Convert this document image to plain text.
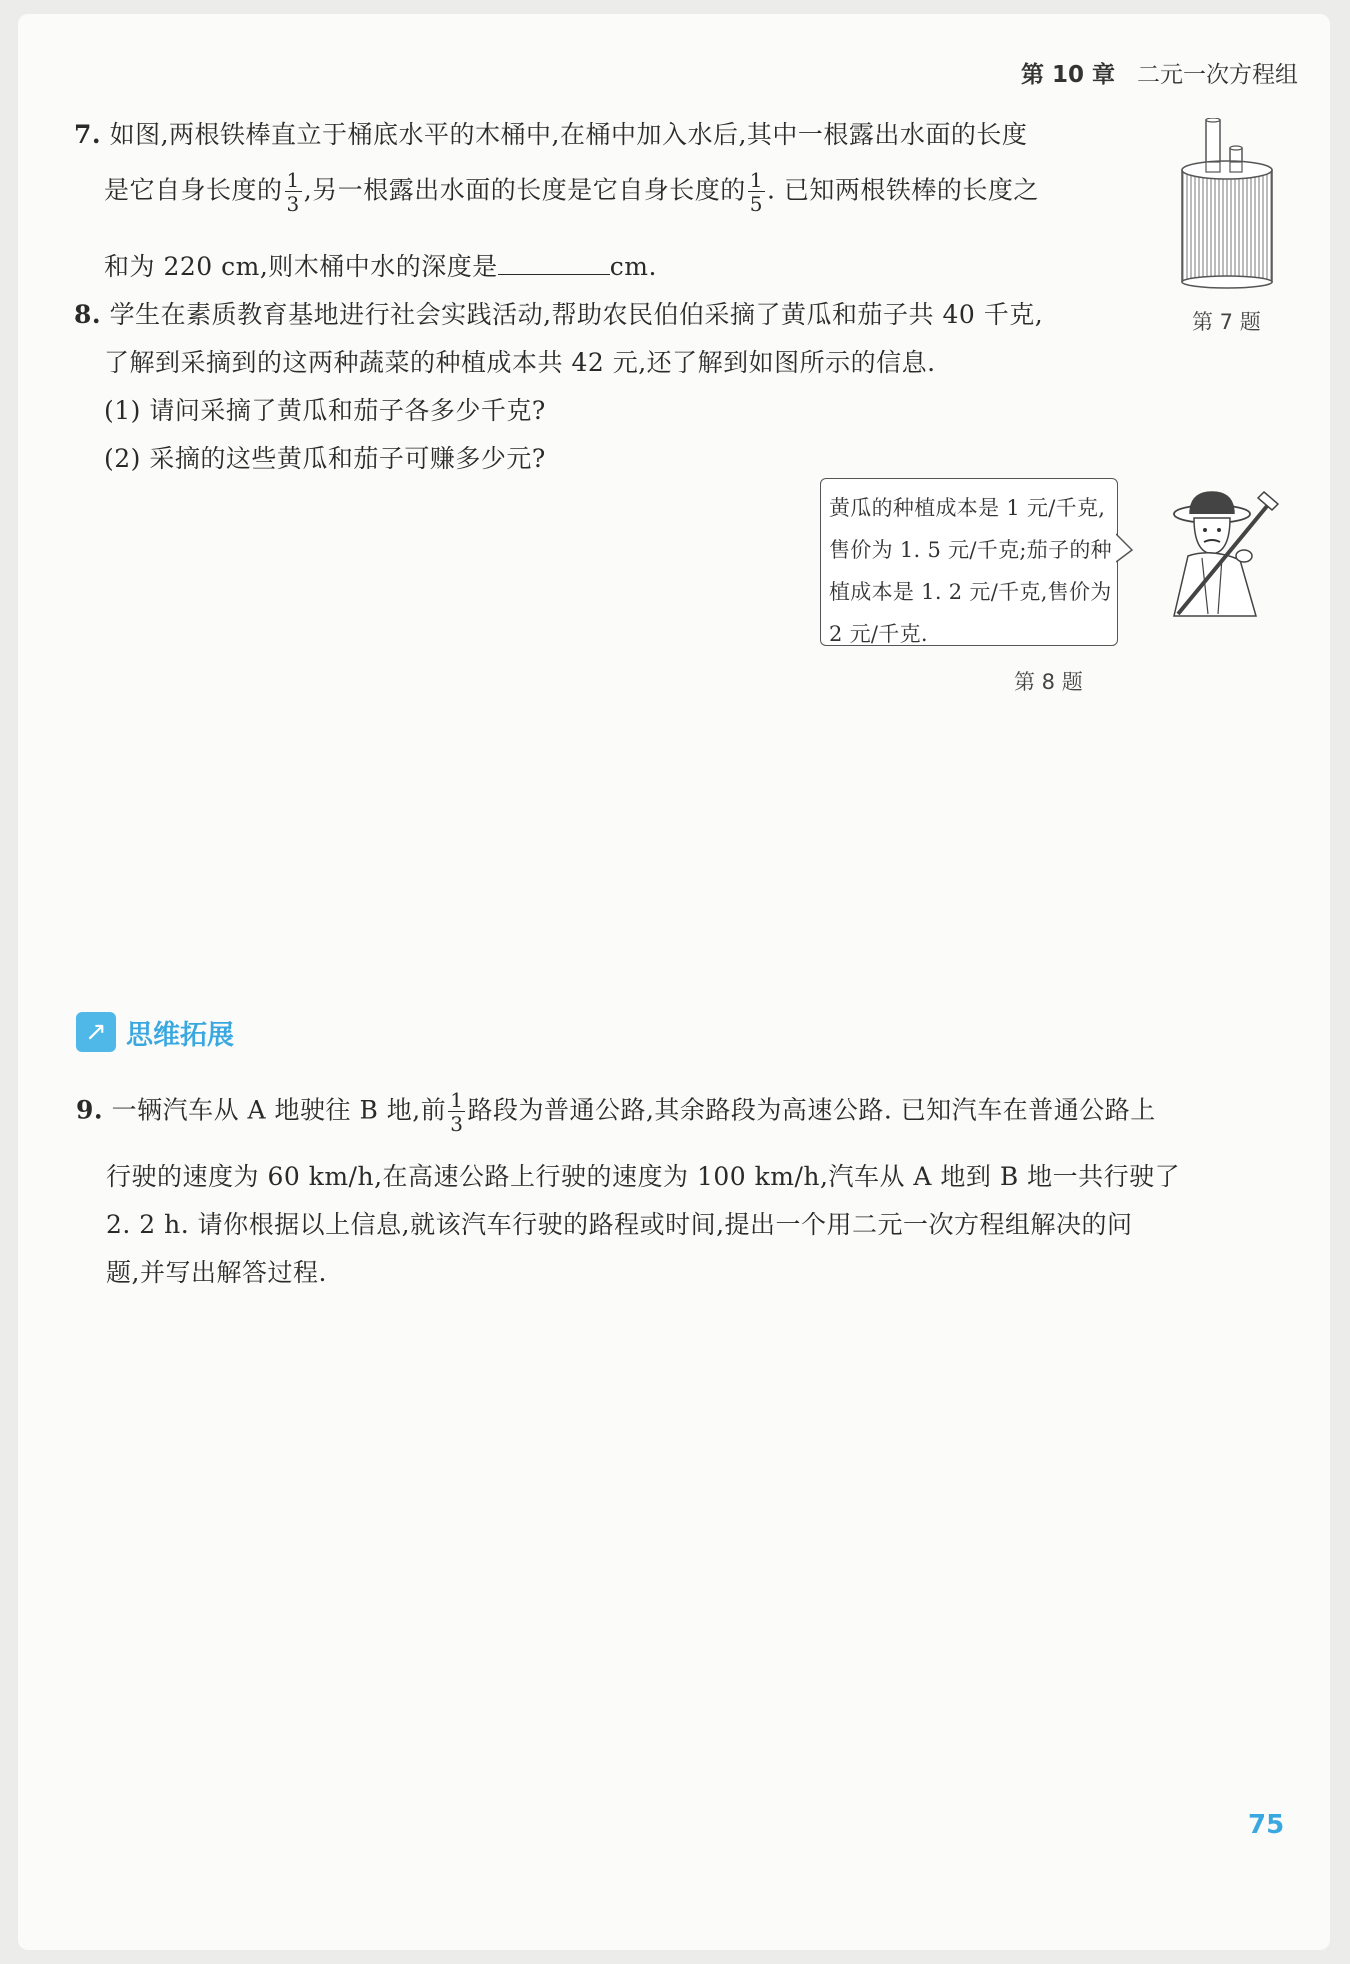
第 10 章 二元一次方程组
7. 如图,两根铁棒直立于桶底水平的木桶中,在桶中加入水后,其中一根露出水面的长度
是它自身长度的 $\frac{1}{3}$ ,另一根露出水面的长度是它自身长度的 $\frac{1}{5}$ . 已知两根铁棒的长度之
和为 220 cm,则木桶中水的深度是	cm.
第 7 题
8. 学生在素质教育基地进行社会实践活动,帮助农民伯伯采摘了黄瓜和茄子共 40 千克,
了解到采摘到的这两种蔬菜的种植成本共 42 元,还了解到如图所示的信息.
(1) 请问采摘了黄瓜和茄子各多少千克?
(2) 采摘的这些黄瓜和茄子可赚多少元?
黄瓜的种植成本是 1 元/千克,
售价为 1. 5 元/千克;茄子的种
植成本是 1. 2 元/千克,售价为
2 元/千克.
第 8 题
↗ 思维拓展
9. 一辆汽车从 A 地驶往 B 地,前 $\frac{1}{3}$ 路段为普通公路,其余路段为高速公路. 已知汽车在普通公路上
行驶的速度为 60 km/h,在高速公路上行驶的速度为 100 km/h,汽车从 A 地到 B 地一共行驶了
2. 2 h. 请你根据以上信息,就该汽车行驶的路程或时间,提出一个用二元一次方程组解决的问
题,并写出解答过程.
75
